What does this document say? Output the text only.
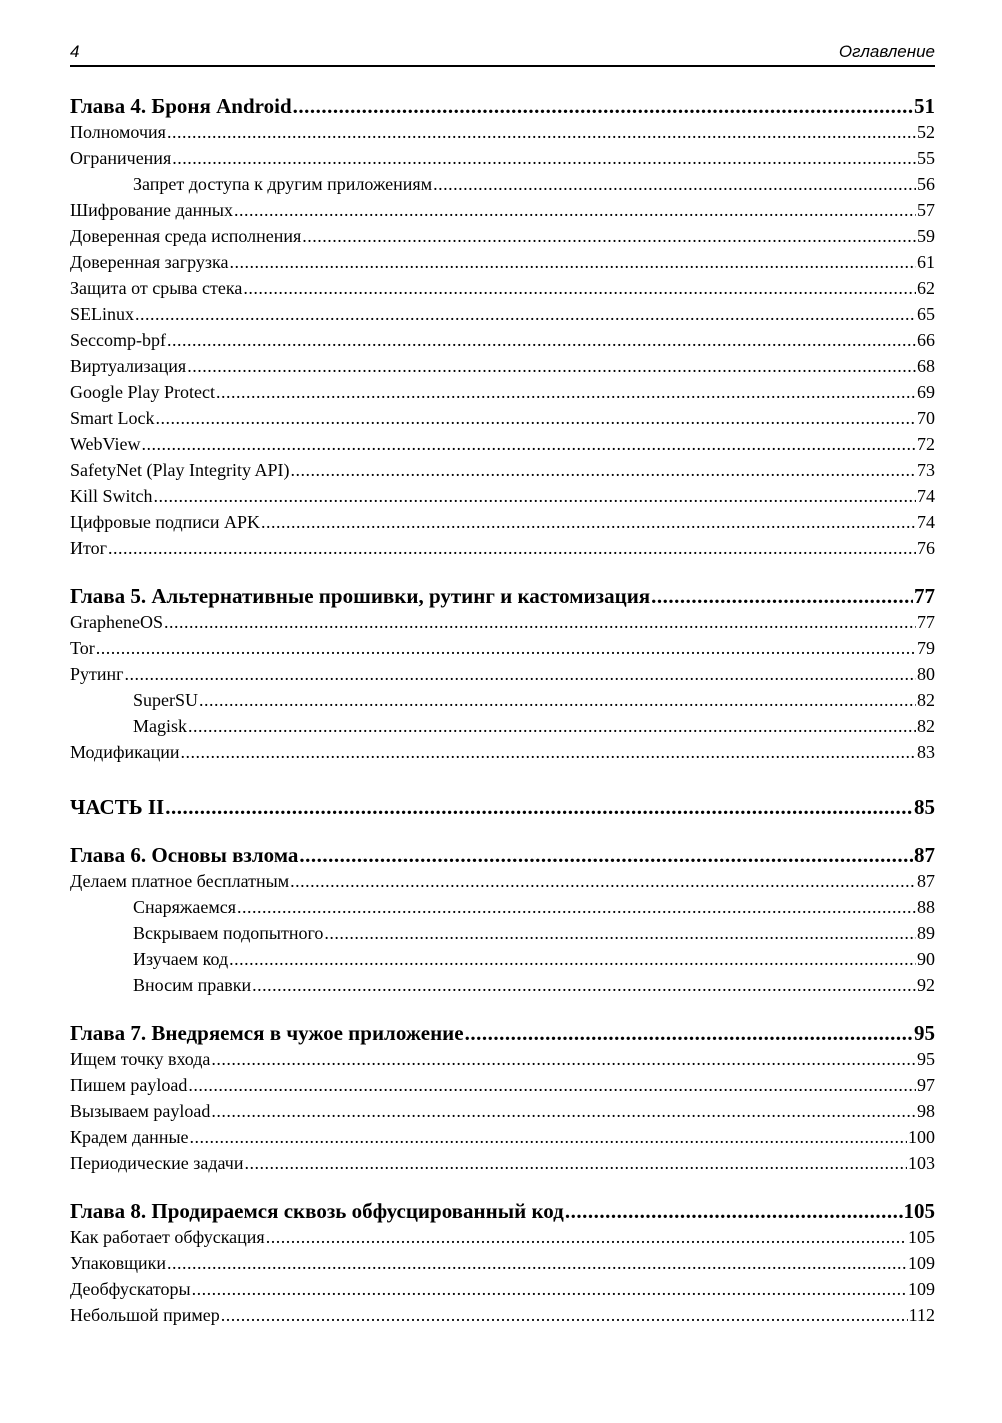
4	Оглавление
Глава 4. Броня Android .....	51
Полномочия .....	52
Ограничения .....	55
Запрет доступа к другим приложениям .....	56
Шифрование данных .....	57
Доверенная среда исполнения .....	59
Доверенная загрузка .....	61
Защита от срыва стека .....	62
SELinux .....	65
Seccomp-bpf .....	66
Виртуализация .....	68
Google Play Protect .....	69
Smart Lock .....	70
WebView .....	72
SafetyNet (Play Integrity API) .....	73
Kill Switch .....	74
Цифровые подписи APK .....	74
Итог .....	76
Глава 5. Альтернативные прошивки, рутинг и кастомизация .....	77
GrapheneOS .....	77
Tor .....	79
Рутинг .....	80
SuperSU .....	82
Magisk .....	82
Модификации .....	83
ЧАСТЬ II .....	85
Глава 6. Основы взлома .....	87
Делаем платное бесплатным .....	87
Снаряжаемся .....	88
Вскрываем подопытного .....	89
Изучаем код .....	90
Вносим правки .....	92
Глава 7. Внедряемся в чужое приложение .....	95
Ищем точку входа .....	95
Пишем payload .....	97
Вызываем payload .....	98
Крадем данные .....	100
Периодические задачи .....	103
Глава 8. Продираемся сквозь обфусцированный код .....	105
Как работает обфускация .....	105
Упаковщики .....	109
Деобфускаторы .....	109
Небольшой пример .....	112
